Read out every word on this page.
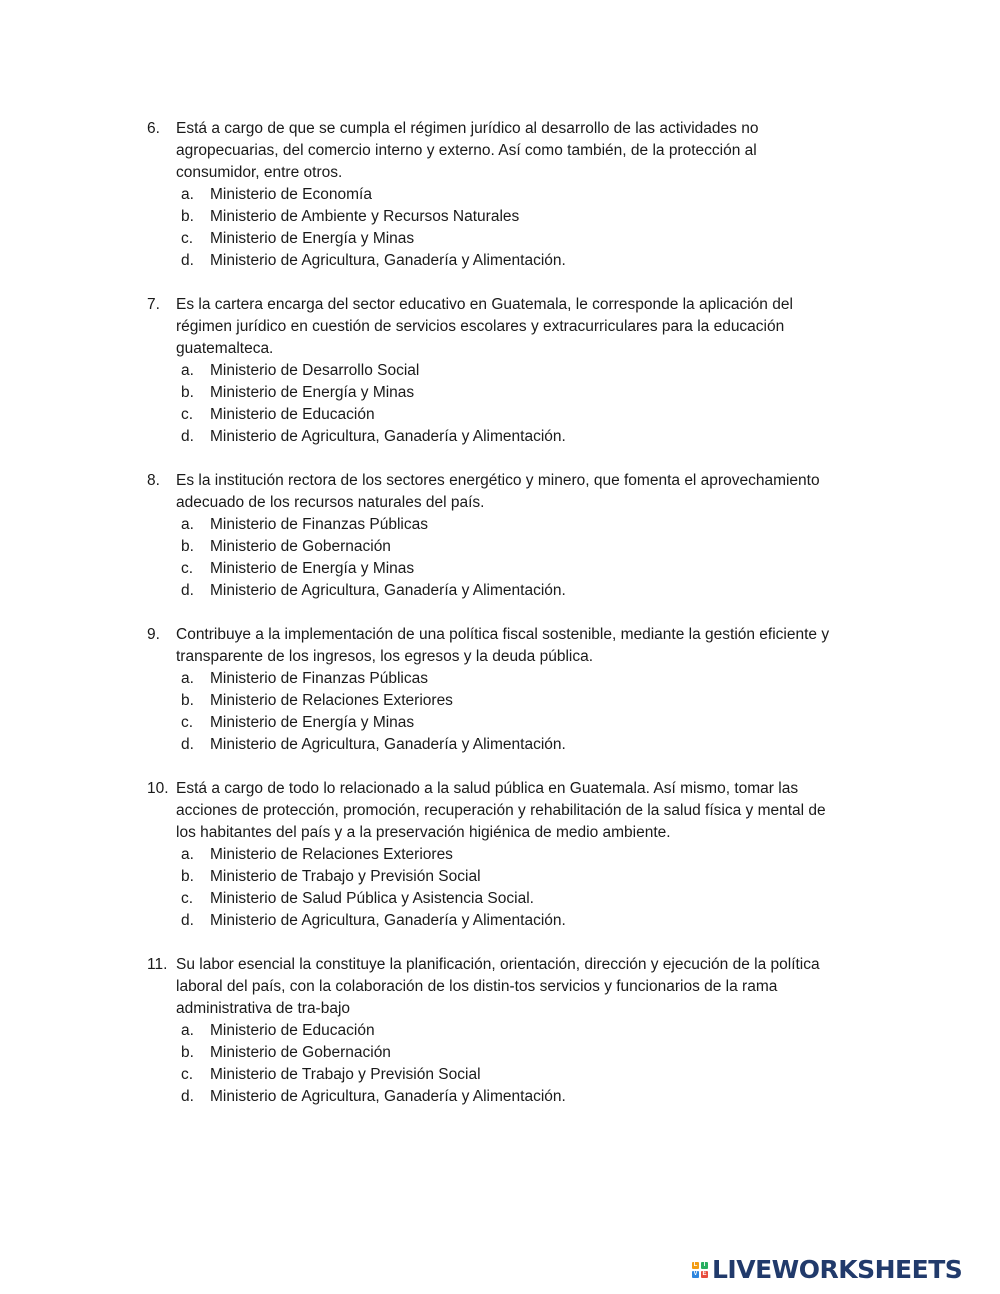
6. Está a cargo de que se cumpla el régimen jurídico al desarrollo de las actividades no
agropecuarias, del comercio interno y externo. Así como también, de la protección al
consumidor, entre otros.
a. Ministerio de Economía
b. Ministerio de Ambiente y Recursos Naturales
c. Ministerio de Energía y Minas
d. Ministerio de Agricultura, Ganadería y Alimentación.
7. Es la cartera encarga del sector educativo en Guatemala, le corresponde la aplicación del
régimen jurídico en cuestión de servicios escolares y extracurriculares para la educación
guatemalteca.
a. Ministerio de Desarrollo Social
b. Ministerio de Energía y Minas
c. Ministerio de Educación
d. Ministerio de Agricultura, Ganadería y Alimentación.
8. Es la institución rectora de los sectores energético y minero, que fomenta el aprovechamiento
adecuado de los recursos naturales del país.
a. Ministerio de Finanzas Públicas
b. Ministerio de Gobernación
c. Ministerio de Energía y Minas
d. Ministerio de Agricultura, Ganadería y Alimentación.
9. Contribuye a la implementación de una política fiscal sostenible, mediante la gestión eficiente y
transparente de los ingresos, los egresos y la deuda pública.
a. Ministerio de Finanzas Públicas
b. Ministerio de Relaciones Exteriores
c. Ministerio de Energía y Minas
d. Ministerio de Agricultura, Ganadería y Alimentación.
10. Está a cargo de todo lo relacionado a la salud pública en Guatemala. Así mismo, tomar las
acciones de protección, promoción, recuperación y rehabilitación de la salud física y mental de
los habitantes del país y a la preservación higiénica de medio ambiente.
a. Ministerio de Relaciones Exteriores
b. Ministerio de Trabajo y Previsión Social
c. Ministerio de Salud Pública y Asistencia Social.
d. Ministerio de Agricultura, Ganadería y Alimentación.
11. Su labor esencial la constituye la planificación, orientación, dirección y ejecución de la política
laboral del país, con la colaboración de los distin-tos servicios y funcionarios de la rama
administrativa de tra-bajo
a. Ministerio de Educación
b. Ministerio de Gobernación
c. Ministerio de Trabajo y Previsión Social
d. Ministerio de Agricultura, Ganadería y Alimentación.
L	I
V E LIVEWORKSHEETS
